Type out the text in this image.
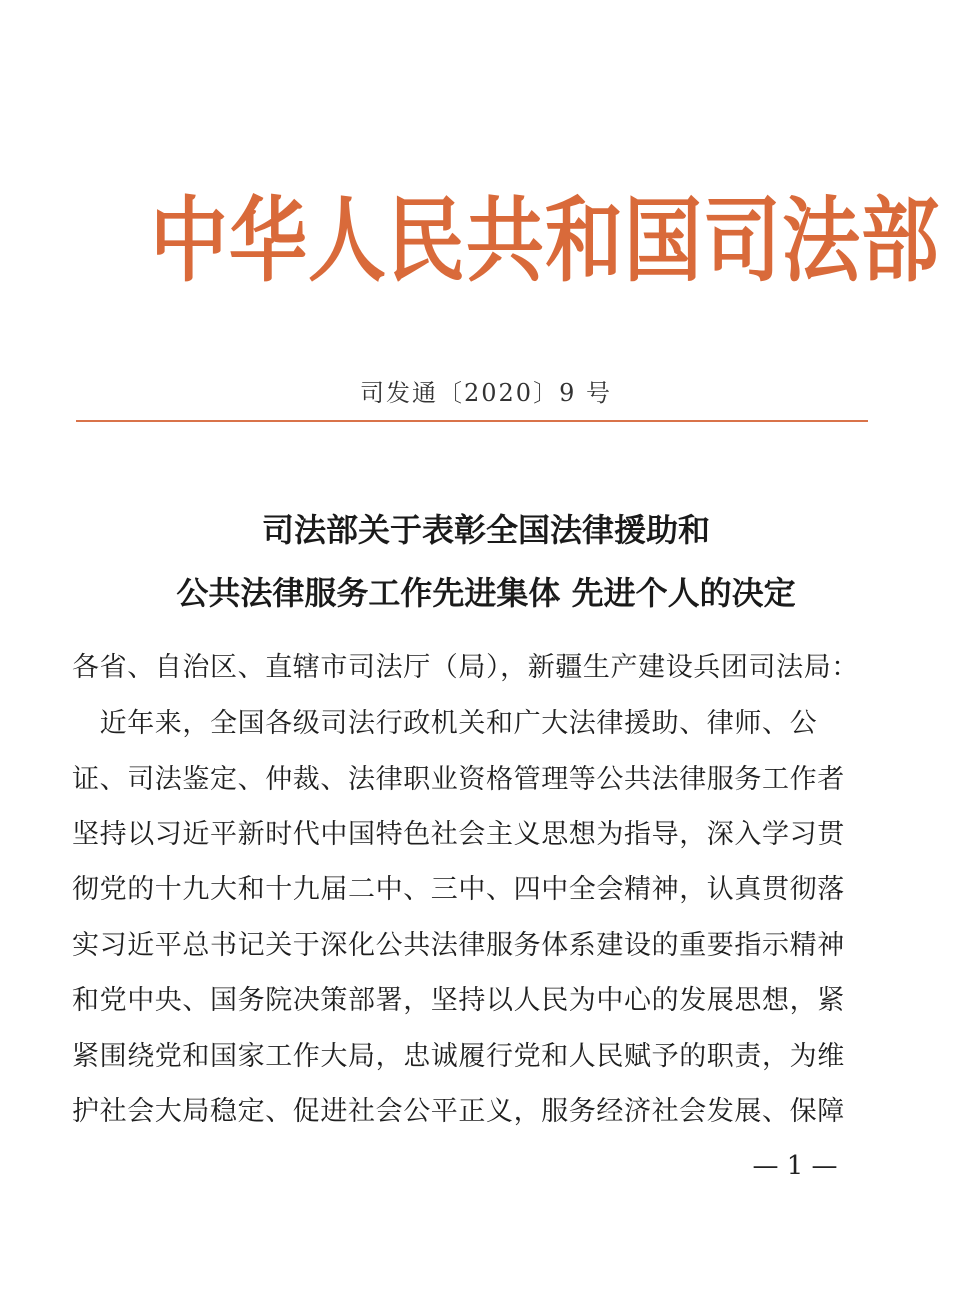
中华人民共和国司法部
司发通〔2020〕9 号
司法部关于表彰全国法律援助和
公共法律服务工作先进集体 先进个人的决定
各省、自治区、直辖市司法厅（局），新疆生产建设兵团司法局：
　近年来，全国各级司法行政机关和广大法律援助、律师、公
证、司法鉴定、仲裁、法律职业资格管理等公共法律服务工作者
坚持以习近平新时代中国特色社会主义思想为指导，深入学习贯
彻党的十九大和十九届二中、三中、四中全会精神，认真贯彻落
实习近平总书记关于深化公共法律服务体系建设的重要指示精神
和党中央、国务院决策部署，坚持以人民为中心的发展思想，紧
紧围绕党和国家工作大局，忠诚履行党和人民赋予的职责，为维
护社会大局稳定、促进社会公平正义，服务经济社会发展、保障
— 1 —
